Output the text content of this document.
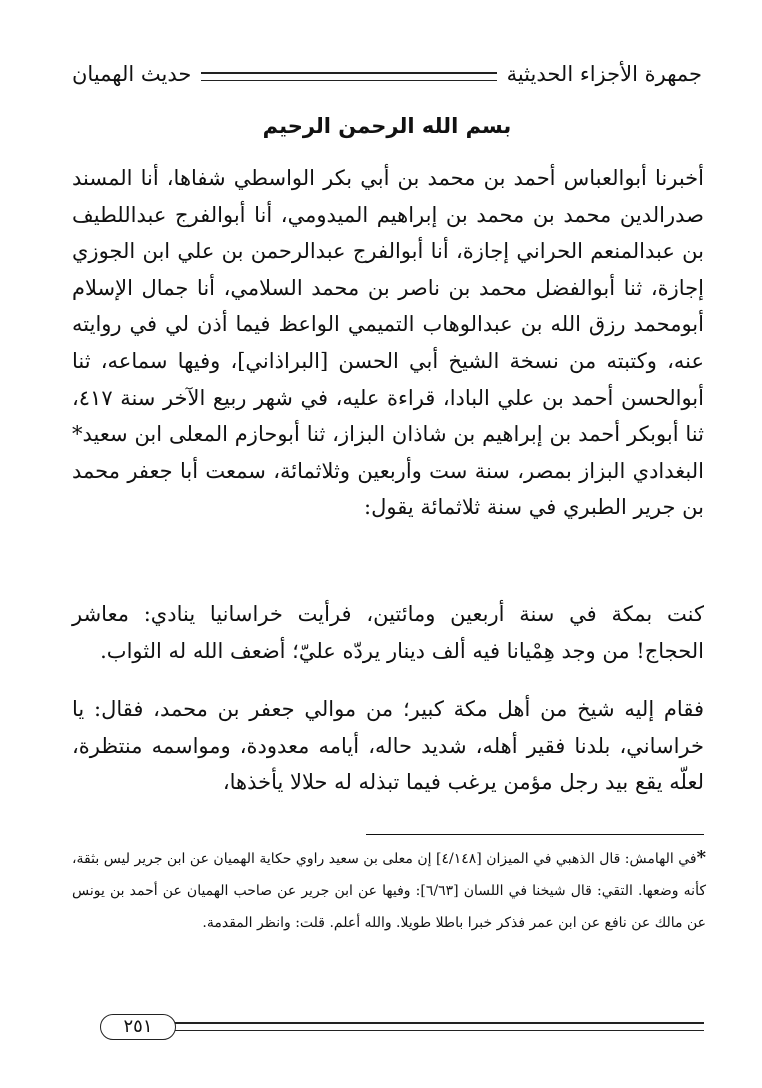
جمهرة الأجزاء الحديثية
حديث الهميان
بسم الله الرحمن الرحيم

أخبرنا أبوالعباس أحمد بن محمد بن أبي بكر الواسطي شفاها، أنا المسند صدرالدين محمد بن محمد بن إبراهيم الميدومي، أنا أبوالفرج عبداللطيف بن عبدالمنعم الحراني إجازة، أنا أبوالفرج عبدالرحمن بن علي ابن الجوزي إجازة، ثنا أبوالفضل محمد بن ناصر بن محمد السلامي، أنا جمال الإسلام أبومحمد رزق الله بن عبدالوهاب التميمي الواعظ فيما أذن لي في روايته عنه، وكتبته من نسخة الشيخ أبي الحسن [البراذاني]، وفيها سماعه، ثنا أبوالحسن أحمد بن علي البادا، قراءة عليه، في شهر ربيع الآخر سنة ٤١٧، ثنا أبوبكر أحمد بن إبراهيم بن شاذان البزاز، ثنا أبوحازم المعلى ابن سعيد* البغدادي البزاز بمصر، سنة ست وأربعين وثلاثمائة، سمعت أبا جعفر محمد بن جرير الطبري في سنة ثلاثمائة يقول:

كنت بمكة في سنة أربعين ومائتين، فرأيت خراسانيا ينادي: معاشر الحجاج! من وجد هِمْيانا فيه ألف دينار يردّه عليّ؛ أضعف الله له الثواب.

فقام إليه شيخ من أهل مكة كبير؛ من موالي جعفر بن محمد، فقال: يا خراساني، بلدنا فقير أهله، شديد حاله، أيامه معدودة، ومواسمه منتظرة، لعلّه يقع بيد رجل مؤمن يرغب فيما تبذله له حلالا يأخذها،

*في الهامش: قال الذهبي في الميزان [٤/١٤٨] إن معلى بن سعيد راوي حكاية الهميان عن ابن جرير ليس بثقة، كأنه وضعها. التقي: قال شيخنا في اللسان [٦/٦٣]: وفيها عن ابن جرير عن صاحب الهميان عن أحمد بن يونس عن مالك عن نافع عن ابن عمر فذكر خبرا باطلا طويلا. والله أعلم. قلت: وانظر المقدمة.
٢٥١
